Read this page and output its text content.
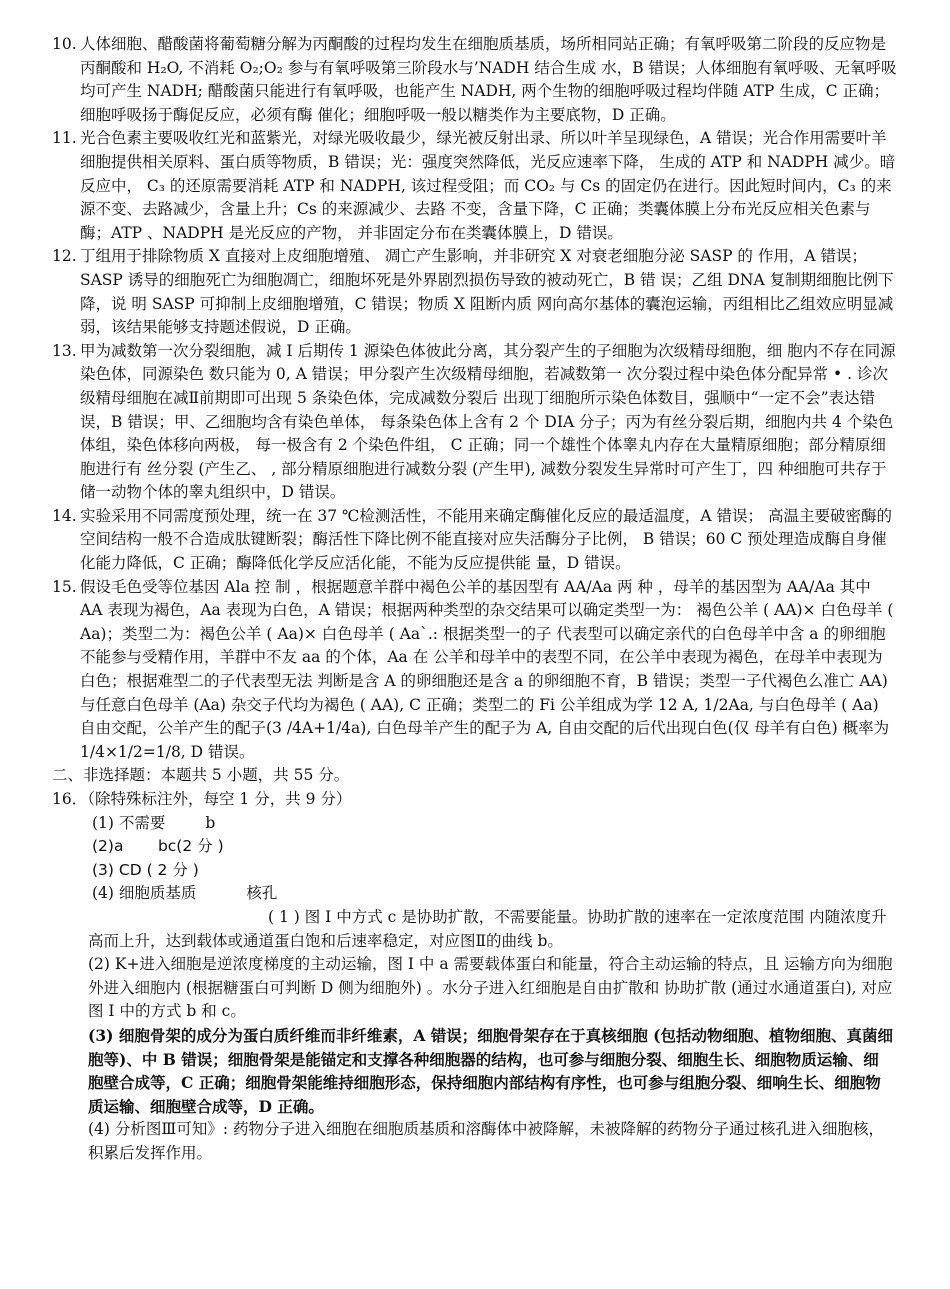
10. 人体细胞、醋酸菌将葡萄糖分解为丙酮酸的过程均发生在细胞质基质，场所相同站正确；有氧呼吸第二阶段的反应物是丙酮酸和 H₂O, 不消耗 O₂;O₂ 参与有氧呼吸第三阶段水与’NADH 结合生成 水，B 错误；人体细胞有氧呼吸、无氧呼吸均可产生 NADH; 醋酸菌只能进行有氧呼吸，也能产生 NADH, 两个生物的细胞呼吸过程均伴随 ATP 生成，C 正确；细胞呼吸扬于酶促反应，必须有酶 催化；细胞呼吸一般以糖类作为主要底物，D 正确。

11. 光合色素主要吸收红光和蓝紫光，对绿光吸收最少，绿光被反射出录、所以叶羊呈现绿色，A 错误；光合作用需要叶羊细胞提供相关原料、蛋白质等物质，B 错误；光：强度突然降低，光反应速率下降， 生成的 ATP 和 NADPH 减少。暗反应中， C₃ 的还原需要消耗 ATP 和 NADPH, 该过程受阻；而 CO₂ 与 Cs 的固定仍在进行。因此短时间内，C₃ 的来源不变、去路减少，含量上升；Cs 的来源减少、去路 不变，含量下降，C 正确；类囊体膜上分布光反应相关色素与酶；ATP 、NADPH 是光反应的产物， 并非固定分布在类囊体膜上，D 错误。

12. 丁组用于排除物质 X 直接对上皮细胞增殖、 凋亡产生影响，并非研究 X 对衰老细胞分泌 SASP 的 作用，A 错误； SASP 诱导的细胞死亡为细胞凋亡，细胞坏死是外界剧烈损伤导致的被动死亡，B 错 误；乙组 DNA 复制期细胞比例下降，说 明 SASP 可抑制上皮细胞增殖，C 错误；物质 X 阻断内质 网向高尔基体的囊泡运输，丙组相比乙组效应明显减弱，该结果能够支持题述假说，D 正确。

13. 甲为减数第一次分裂细胞，减 I 后期传 1 源染色体彼此分离，其分裂产生的子细胞为次级精母细胞，细 胞内不存在同源染色体，同源染色 数只能为 0, A 错误；甲分裂产生次级精母细胞，若减数第一 次分裂过程中染色体分配异常 • . 诊次级精母细胞在减Ⅱ前期即可出现 5 条染色体，完成减数分裂后 出现丁细胞所示染色体数目，强顺中“一定不会”表达错误，B 错误；甲、乙细胞均含有染色单体， 每条染色体上含有 2 个 DIA 分子；丙为有丝分裂后期，细胞内共 4 个染色体组，染色体移向两极， 每一极含有 2 个染色件组， C 正确；同一个雄性个体睾丸内存在大量精原细胞；部分精原细胞进行有 丝分裂 (产生乙、 , 部分精原细胞进行减数分裂 (产生甲), 减数分裂发生异常时可产生丁，四 种细胞可共存于储一动物个体的睾丸组织中，D 错误。

14. 实验采用不同需度预处理，统一在 37 ℃检测活性，不能用来确定酶催化反应的最适温度，A 错误； 高温主要破密酶的空间结构一般不合造成肽键断裂；酶活性下降比例不能直接对应失活酶分子比例， B 错误；60 C 预处理造成酶自身催化能力降低，C 正确；酶降低化学反应活化能，不能为反应提供能 量，D 错误。

15. 假设毛色受等位基因 Ala 控 制 ，根据题意羊群中褐色公羊的基因型有 AA/Aa 两 种 ，母羊的基因型为 AA/Aa 其中 AA 表现为褐色，Aa 表现为白色，A 错误；根据两种类型的杂交结果可以确定类型一为： 褐色公羊 ( AA)× 白色母羊 ( Aa)；类型二为：褐色公羊 ( Aa)× 白色母羊 ( Aa`.: 根据类型一的子 代表型可以确定亲代的白色母羊中含 a 的卵细胞不能参与受精作用，羊群中不友 aa 的个体，Aa 在 公羊和母羊中的表型不同，在公羊中表现为褐色，在母羊中表现为白色；根据难型二的子代表型无法 判断是含 A 的卵细胞还是含 a 的卵细胞不育，B 错误；类型一子代褐色么准亡 AA) 与任意白色母羊 (Aa) 杂交子代均为褐色 ( AA), C 正确；类型二的 Fi 公羊组成为学 12 A, 1/2Aa, 与白色母羊 ( Aa) 自由交配，公羊产生的配子(3 /4A+1/4a), 白色母羊产生的配子为 A, 自由交配的后代出现白色(仅 母羊有白色) 概率为 1/4×1/2=1/8, D 错误。

二、非选择题：本题共 5 小题，共 55 分。

16．（除特殊标注外，每空 1 分，共 9 分）

(1) 不需要	b

(2)a       bc(2 分 )

(3) CD ( 2 分 )

(4) 细胞质基质	核孔

( 1 ) 图 I 中方式 c 是协助扩散，不需要能量。协助扩散的速率在一定浓度范围 内随浓度升高而上升，达到载体或通道蛋白饱和后速率稳定，对应图Ⅱ的曲线 b。

(2) K+进入细胞是逆浓度梯度的主动运输，图 I 中 a 需要载体蛋白和能量，符合主动运输的特点，且 运输方向为细胞外进入细胞内 (根据糖蛋白可判断 D 侧为细胞外) 。水分子进入红细胞是自由扩散和 协助扩散 (通过水通道蛋白), 对应图 I 中的方式 b 和 c。

(3) 细胞骨架的成分为蛋白质纤维而非纤维素，A 错误；细胞骨架存在于真核细胞 (包括动物细胞、植物细胞、真菌细胞等)、中 B 错误；细胞骨架是能锚定和支撑各种细胞器的结构，也可参与细胞分裂、细胞生长、细胞物质运输、细胞壁合成等，C 正确；细胞骨架能维持细胞形态，保持细胞内部结构有序性，也可参与组胞分裂、细响生长、细胞物质运输、细胞壁合成等，D 正确。

(4) 分析图Ⅲ可知》: 药物分子进入细胞在细胞质基质和溶酶体中被降解，未被降解的药物分子通过核孔进入细胞核，积累后发挥作用。
